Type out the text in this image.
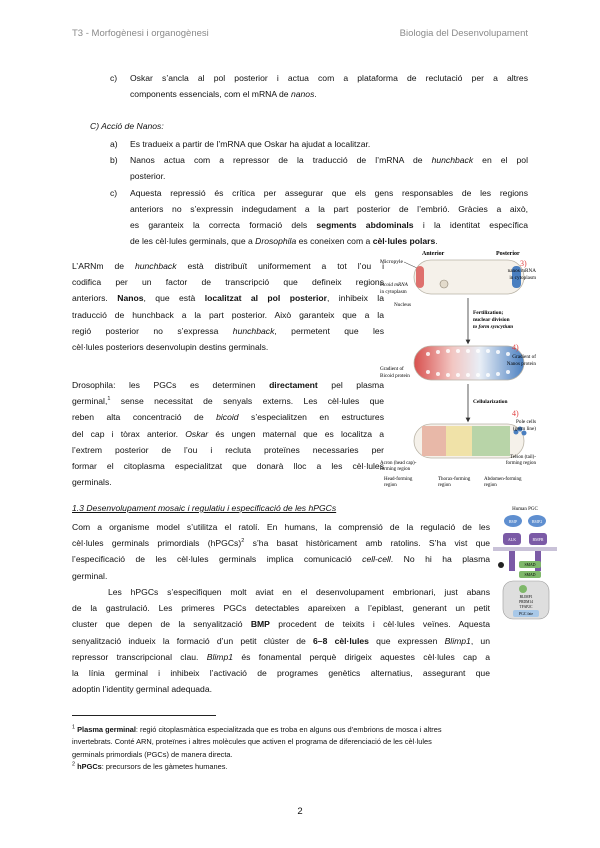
T3 - Morfogènesi i organogènesi	Biologia del Desenvolupament
c) Oskar s’ancla al pol posterior i actua com a plataforma de reclutació per a altres
components essencials, com el mRNA de nanos.
C) Acció de Nanos:
a) Es tradueix a partir de l’mRNA que Oskar ha ajudat a localitzar.
b) Nanos actua com a repressor de la traducció de l’mRNA de hunchback en el pol
posterior.
c) Aquesta repressió és crítica per assegurar que els gens responsables de les regions
anteriors no s’expressin indegudament a la part posterior de l’embrió. Gràcies a això,
es garanteix la correcta formació dels segments abdominals i la identitat específica
de les cèl·lules germinals, que a Drosophila es coneixen com a cèl·lules polars.
L’ARNm de hunchback està distribuït uniformement a tot l’ou i
codifica per un factor de transcripció que defineix regions
anteriors. Nanos, que està localitzat al pol posterior, inhibeix la
traducció de hunchback a la part posterior. Això garanteix que a la
regió posterior no s’expressa hunchback, permetent que les
cèl·lules posteriors desenvolupin destins germinals.
Drosophila: les PGCs es determinen directament pel plasma
germinal,$^1$ sense necessitat de senyals externs. Les cèl·lules que
reben alta concentració de bicoid s’especialitzen en estructures
del cap i tòrax anterior. Oskar és ungen maternal que es localitza a
l’extrem posterior de l’ou i recluta proteïnes necessaries per
formar el citoplasma especialitzat que donarà lloc a les cèl·lules
germinals.
Anterior	Posterior
Micropyle	3)
nanos mRNA
in cytoplasm
bicoid mRNA
in cytoplasm
Nucleus
Fertilization;
nuclear division
to form syncytium
4)
Gradient of
Bicoid protein
Gradient of
Nanos protein
Cellularization
4)
Pole cells
(germ line)
Acron (head cap)-
forming region
Telson (tail)-
forming region
Head-forming
region
Thorax-forming
region
Abdomen-forming
region
1.3 Desenvolupament mosaic i regulatiu i especificació de les hPGCs
Com a organisme model s’utilitza el ratolí. En humans, la comprensió de la regulació de les
cèl·lules germinals primordials (hPGCs)$^2$ s’ha basat històricament amb ratolins. S’ha vist que
l’especificació de les cèl·lules germinals implica comunicació cell-cell. No hi ha plasma
germinal.
Les hPGCs s’especifiquen molt aviat en el desenvolupament embrionari, just abans
de la gastrulació. Les primeres PGCs detectables apareixen a l’epiblast, generant un petit
cluster que depen de la senyalització BMP procedent de teixits i cèl·lules veïnes. Aquesta
senyalització indueix la formació d’un petit clúster de 6–8 cèl·lules que expressen Blimp1, un
repressor transcripcional clau. Blimp1 és fonamental perquè dirigeix aquestes cèl·lules cap a
la línia germinal i inhibeix l’activació de programes genètics alternatius, assegurant que
adoptin l’identity germinal adequada.
Human PGC
BMP	BMP2
ALK	BMPR
SMAD
SMAD
BLIMP1
PRDM14
TFAP2C
PGC fate
$^1$ Plasma germinal: regió citoplasmàtica especialitzada que es troba en alguns ous d’embrions de mosca i altres
invertebrats. Conté ARN, proteïnes i altres molècules que activen el programa de diferenciació de les cèl·lules
germinals primordials (PGCs) de manera directa.
$^2$ hPGCs: precursors de les gàmetes humanes.
2
